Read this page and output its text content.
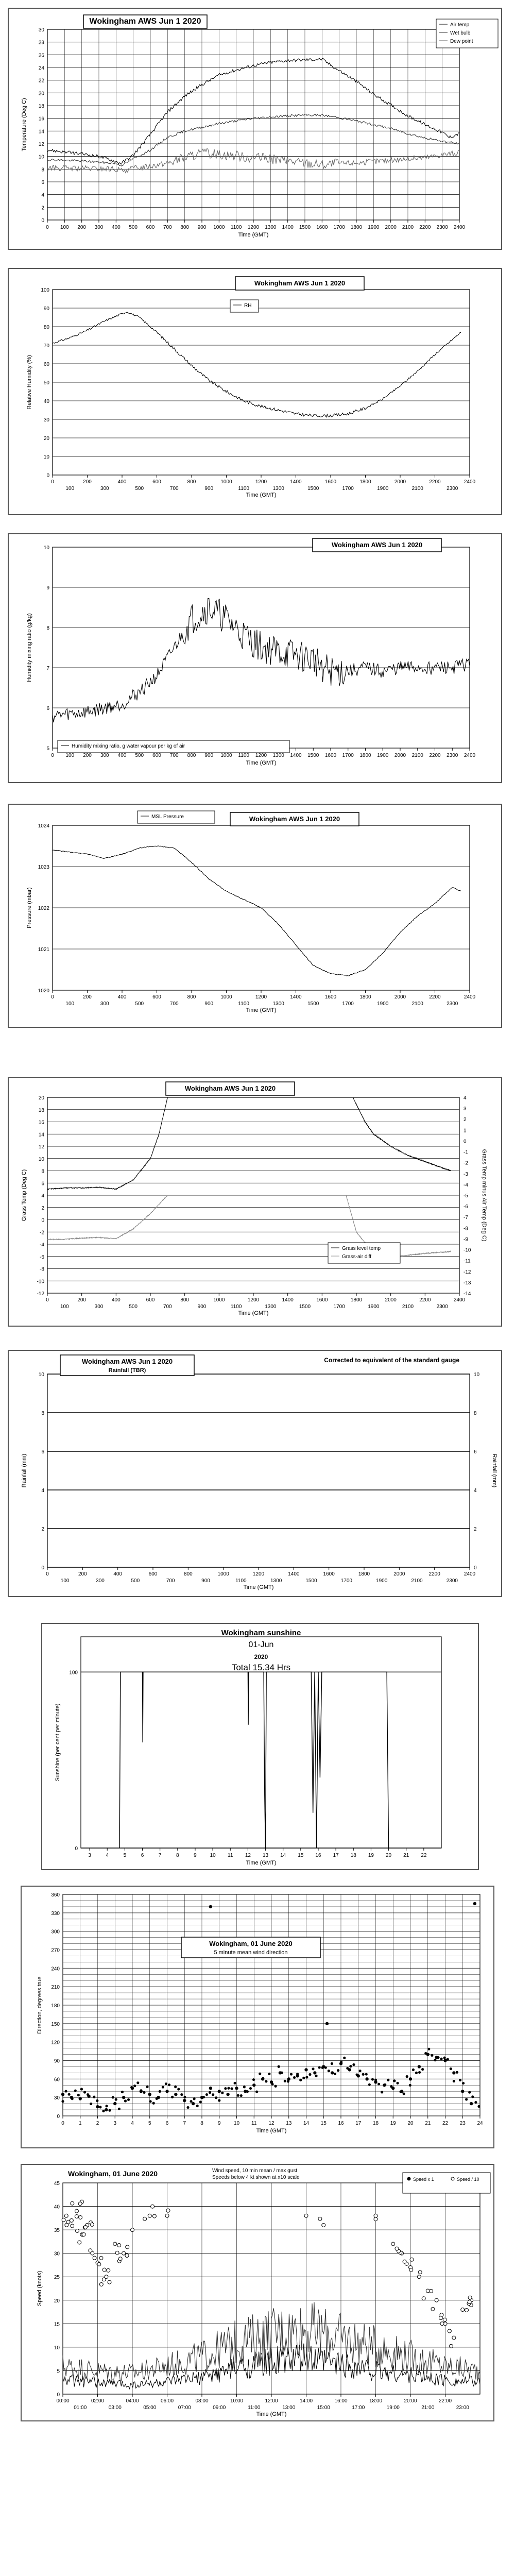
0
2
4
6
8
10
12
14
16
18
20
22
24
26
28
30
0 100 200 300 400 500 600 700 800 900 1000 1100 1200 1300 1400 1500 1600 1700 1800 1900 2000 2100 2200 2300 2400
Time (GMT)
Temperature (Deg C)
Wokingham AWS Jun 1 2020	Air temp
Wet bulb
Dew point
0
10
20
30
40
50
60
70
80
90
100
0	200	400	600	800	1000	1200	1400	1600	1800	2000	2200	2400
100	300	500	700	900	1100	1300	1500	1700	1900	2100	2300
Time (GMT)
Relative Humidity (%)
Wokingham AWS Jun 1 2020
RH
5
6
7
8
9
10
0 100 200 300 400 500 600 700 800 900 1000 1100 1200 1300 1400 1500 1600 1700 1800 1900 2000 2100 2200 2300 2400
Time (GMT)
Humidity mixing ratio (g/kg)
Wokingham AWS Jun 1 2020
Humidity mixing ratio, g water vapour per kg of air
1020
1021
1022
1023
1024
0	200	400	600	800	1000	1200	1400	1600	1800	2000	2200	2400
100	300	500	700	900	1100	1300	1500	1700	1900	2100	2300
Time (GMT)
Pressure (mbar)
Wokingham AWS Jun 1 2020
MSL Pressure
-12
-10
-8
-6
-4
-2
0
2
4
6
8
10
12
14
16
18
20
0	200	400	600	800	1000	1200	1400	1600	1800	2000	2200	2400
100	300	500	700	900	1100	1300	1500	1700	1900	2100	2300
Time (GMT)
Grass Temp (Deg C)	Grass Temp minus Air Temp (Deg C)
-14
-13
-12
-11
-10
-9
-8
-7
-6
-5
-4
-3
-2
-1
0
1
2
3
4
Wokingham AWS Jun 1 2020
Grass level temp
Grass-air diff
0
2
4
6
8
10
0	200	400	600	800	1000	1200	1400	1600	1800	2000	2200	2400
100	300	500	700	900	1100	1300	1500	1700	1900	2100	2300
Time (GMT)
Rainfall (mm)	Rainfall (mm)
0
2
4
6
8
10
Wokingham AWS Jun 1 2020
Rainfall (TBR)
Corrected to equivalent of the standard gauge
0
100
3	4	5	6	7	8	9	10 11 12 13 14 15 16 17 18 19 20 21 22
Time (GMT)
Sunshine (per cent per minute)
Wokingham sunshine
01-Jun
2020
Total 15.34 Hrs
0
30
60
90
120
150
180
210
240
270
300
330
360
0	1	2	3	4	5	6	7	8	9	10 11 12 13 14 15 16 17 18 19 20 21 22 23 24
Time (GMT)
Direction, degrees true
Wokingham, 01 June 2020
5 minute mean wind direction
0
5
10
15
20
25
30
35
40
45
00:00	02:00	04:00	06:00	08:00	10:00	12:00	14:00	16:00	18:00	20:00	22:00
01:00	03:00	05:00	07:00	09:00	11:00	13:00	15:00	17:00	19:00	21:00	23:00
Time (GMT)
Speed (knots)
Wokingham, 01 June 2020	Wind speed, 10 min mean / max gust
Speeds below 4 kt shown at x10 scale	Speed x 1	Speed / 10
